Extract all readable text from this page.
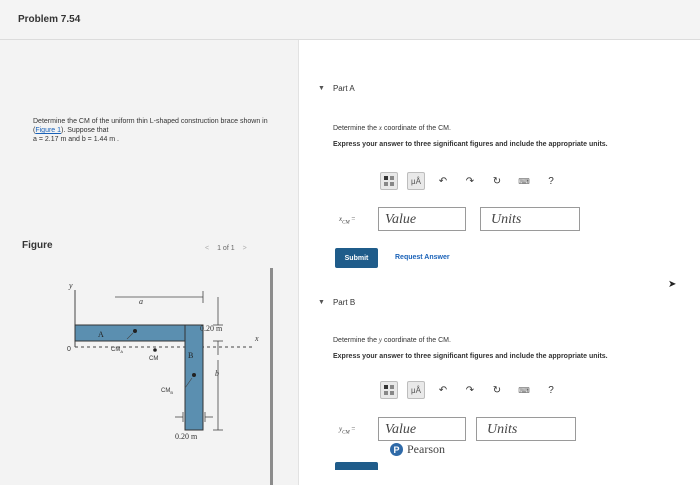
Problem 7.54
Determine the CM of the uniform thin L-shaped construction brace shown in (Figure 1). Suppose that
a = 2.17 m and b = 1.44 m .
Figure	< 1 of 1 >
y
x
0
a
0.20 m
b
0.20 m
A
B
$CM_A$
CM
$CM_B$
▼ Part A
Determine the x coordinate of the CM.
Express your answer to three significant figures and include the appropriate units.
μÅ	↶	↷	↻	⌨	?
$x_{CM}$ =	Value	Units
Submit	Request Answer
➤
▼ Part B
Determine the y coordinate of the CM.
Express your answer to three significant figures and include the appropriate units.
μÅ	↶	↷	↻	⌨	?
$y_{CM}$ =	Value	Units
P Pearson
